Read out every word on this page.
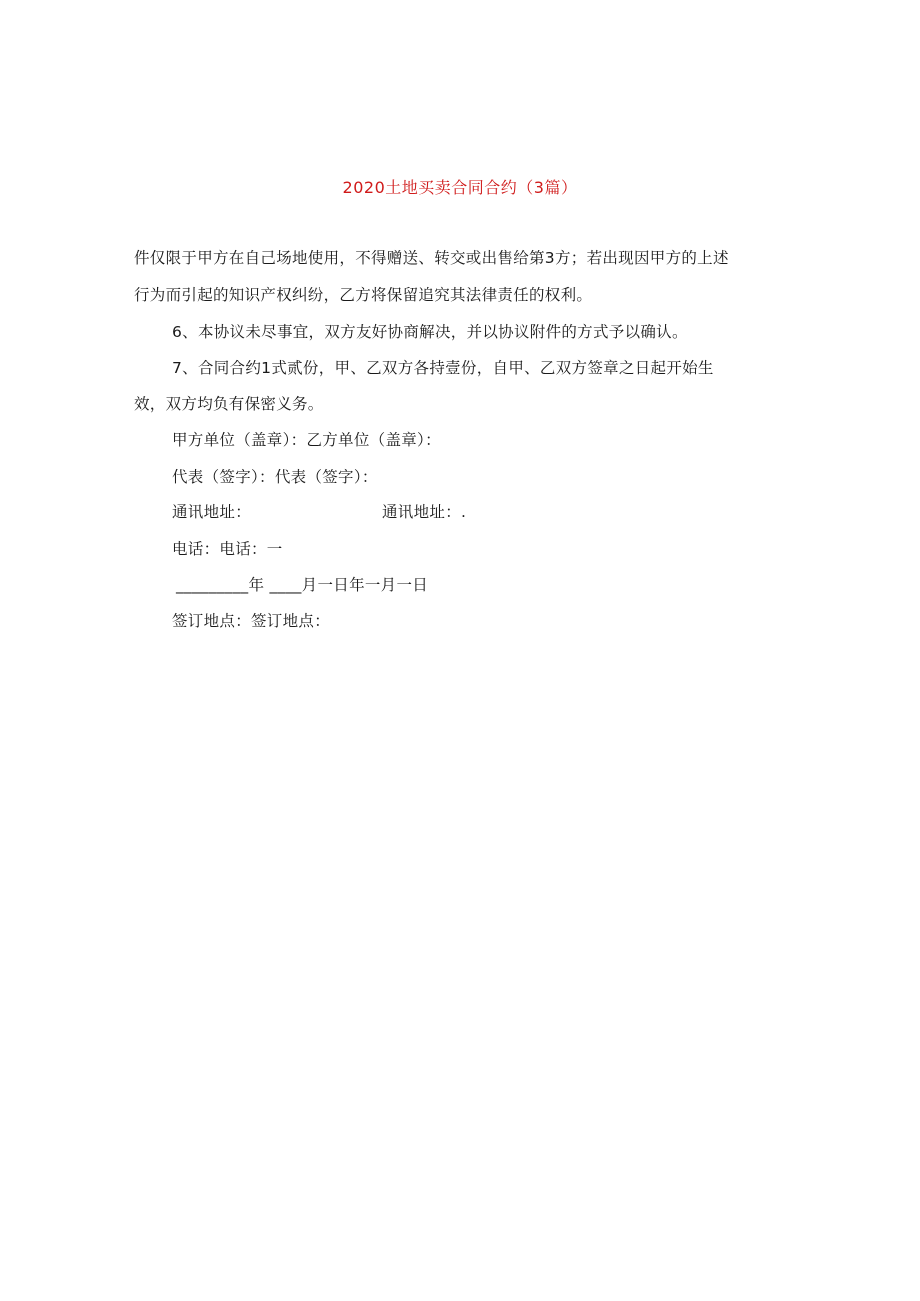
2020土地买卖合同合约（3篇）
件仅限于甲方在自己场地使用，不得赠送、转交或出售给第3方；若出现因甲方的上述
行为而引起的知识产权纠纷，乙方将保留追究其法律责任的权利。
6、本协议未尽事宜，双方友好协商解决，并以协议附件的方式予以确认。
7、合同合约1式贰份，甲、乙双方各持壹份，自甲、乙双方签章之日起开始生
效，双方均负有保密义务。
甲方单位（盖章）：乙方单位（盖章）：
代表（签字）：代表（签字）：
通讯地址：	通讯地址：.
电话：电话：一
_________年 ____月一日年一月一日
签订地点：签订地点：
